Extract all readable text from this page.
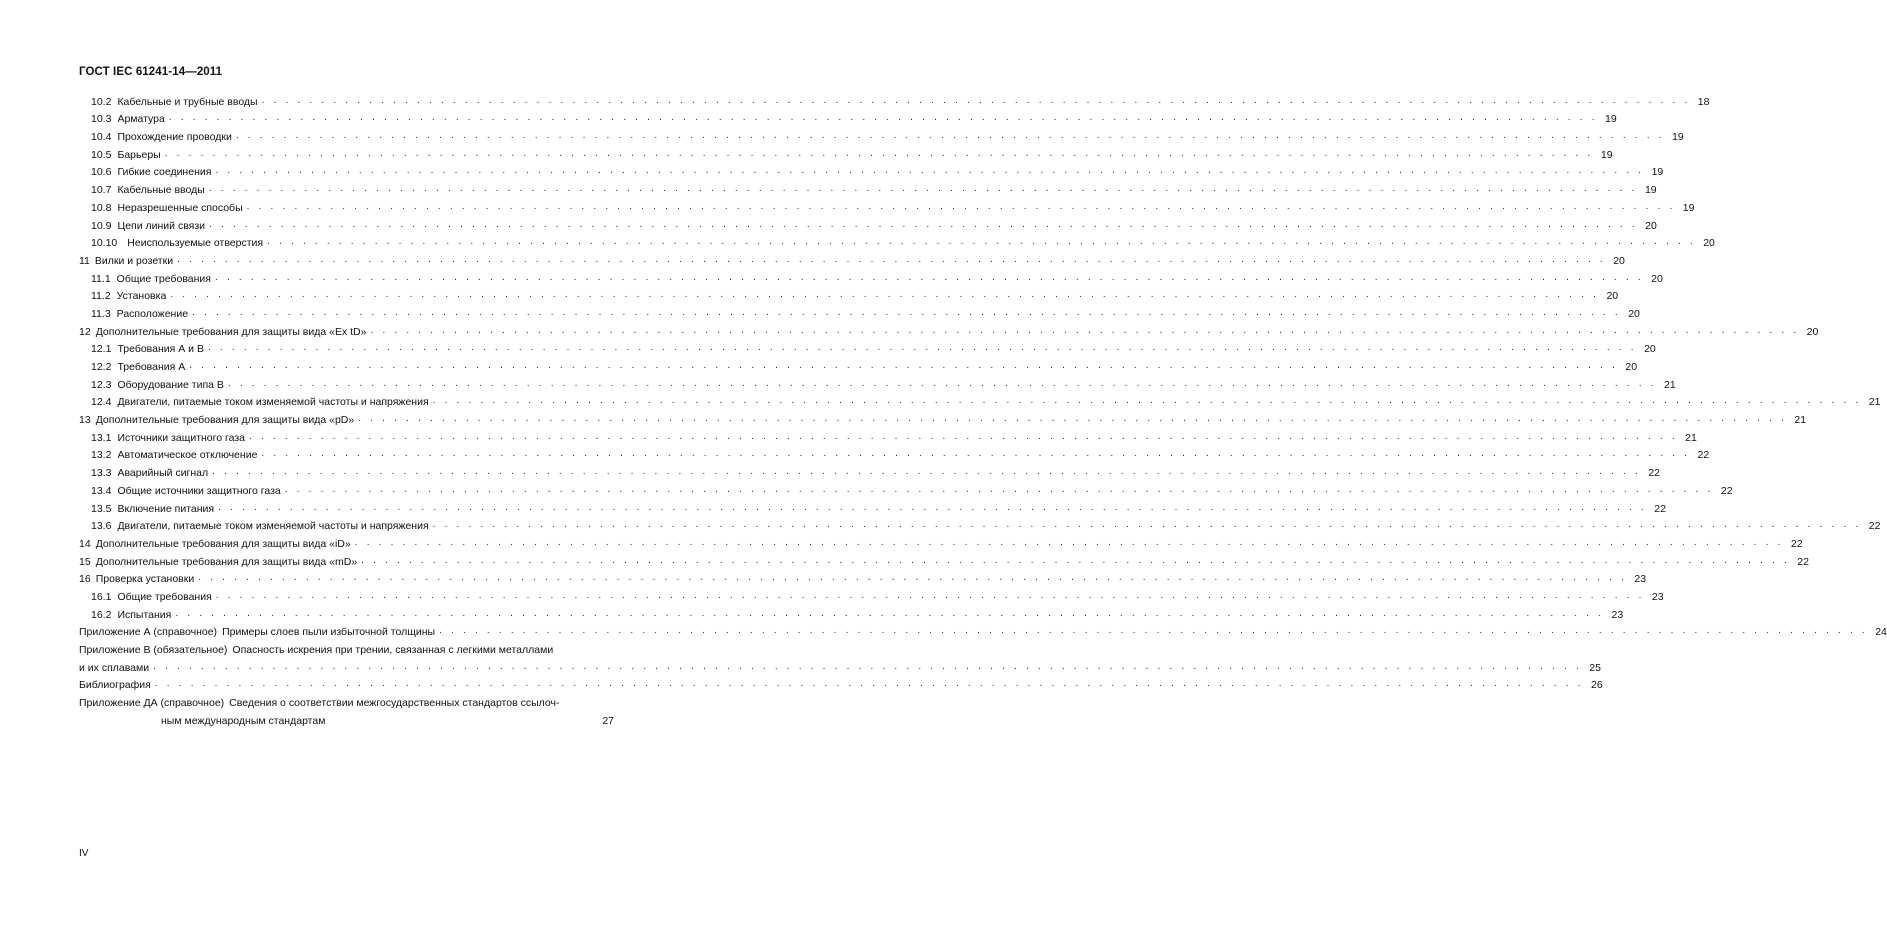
ГОСТ IEC 61241-14—2011
10.2 Кабельные и трубные вводы . . . . . . . . . . . . . . . . . . . . . . . . . . . . . . . . . . . . . . . . . . . . . . . . . . . . . . . . . . . . . . . . . . . . . . . . . . . . . . . . . . . . . . . . . . . . . . . . . . . . . . . . . . . . . . . . . . . . . . . . 18
10.3 Арматура . . . . . . . . . . . . . . . . . . . . . . . . . . . . . . . . . . . . . . . . . . . . . . . . . . . . . . . . . . . . . . . . . . . . . . . . . . . . . . . . . . . . . . . . . . . . . . . . . . . . . . . . . . . . . . . . . . . . . . . . 19
10.4 Прохождение проводки . . . . . . . . . . . . . . . . . . . . . . . . . . . . . . . . . . . . . . . . . . . . . . . . . . . . . . . . . . . . . . . . . . . . . . . . . . . . . . . . . . . . . . . . . . . . . . . . . . . . . . . . . . . . . . . . . . . . . . . . 19
10.5 Барьеры . . . . . . . . . . . . . . . . . . . . . . . . . . . . . . . . . . . . . . . . . . . . . . . . . . . . . . . . . . . . . . . . . . . . . . . . . . . . . . . . . . . . . . . . . . . . . . . . . . . . . . . . . . . . . . . . . . . . . . . . 19
10.6 Гибкие соединения . . . . . . . . . . . . . . . . . . . . . . . . . . . . . . . . . . . . . . . . . . . . . . . . . . . . . . . . . . . . . . . . . . . . . . . . . . . . . . . . . . . . . . . . . . . . . . . . . . . . . . . . . . . . . . . . . . . . . . . . 19
10.7 Кабельные вводы . . . . . . . . . . . . . . . . . . . . . . . . . . . . . . . . . . . . . . . . . . . . . . . . . . . . . . . . . . . . . . . . . . . . . . . . . . . . . . . . . . . . . . . . . . . . . . . . . . . . . . . . . . . . . . . . . . . . . . . . 19
10.8 Неразрешенные способы . . . . . . . . . . . . . . . . . . . . . . . . . . . . . . . . . . . . . . . . . . . . . . . . . . . . . . . . . . . . . . . . . . . . . . . . . . . . . . . . . . . . . . . . . . . . . . . . . . . . . . . . . . . . . . . . . . . . . . . . 19
10.9 Цепи линий связи . . . . . . . . . . . . . . . . . . . . . . . . . . . . . . . . . . . . . . . . . . . . . . . . . . . . . . . . . . . . . . . . . . . . . . . . . . . . . . . . . . . . . . . . . . . . . . . . . . . . . . . . . . . . . . . . . . . . . . . . 20
10.10 Неиспользуемые отверстия . . . . . . . . . . . . . . . . . . . . . . . . . . . . . . . . . . . . . . . . . . . . . . . . . . . . . . . . . . . . . . . . . . . . . . . . . . . . . . . . . . . . . . . . . . . . . . . . . . . . . . . . . . . . . . . . . . . . . . . . 20
11 Вилки и розетки . . . . . . . . . . . . . . . . . . . . . . . . . . . . . . . . . . . . . . . . . . . . . . . . . . . . . . . . . . . . . . . . . . . . . . . . . . . . . . . . . . . . . . . . . . . . . . . . . . . . . . . . . . . . . . . . . . . . . . . . 20
11.1 Общие требования . . . . . . . . . . . . . . . . . . . . . . . . . . . . . . . . . . . . . . . . . . . . . . . . . . . . . . . . . . . . . . . . . . . . . . . . . . . . . . . . . . . . . . . . . . . . . . . . . . . . . . . . . . . . . . . . . . . . . . . . 20
11.2 Установка . . . . . . . . . . . . . . . . . . . . . . . . . . . . . . . . . . . . . . . . . . . . . . . . . . . . . . . . . . . . . . . . . . . . . . . . . . . . . . . . . . . . . . . . . . . . . . . . . . . . . . . . . . . . . . . . . . . . . . . . 20
11.3 Расположение . . . . . . . . . . . . . . . . . . . . . . . . . . . . . . . . . . . . . . . . . . . . . . . . . . . . . . . . . . . . . . . . . . . . . . . . . . . . . . . . . . . . . . . . . . . . . . . . . . . . . . . . . . . . . . . . . . . . . . . . 20
12 Дополнительные требования для защиты вида «Ex tD» . . . . . . . . . . . . . . . . . . . . . . . . . . . . . . . . . . . . . . . . . . . . . . . . . . . . . . . . . . . . . . . . . . . . . . . . . . . . . . . . . . . . . . . . . . . . . . . . . . . . . . . . . . . . . . . . . . . . . . . . 20
12.1 Требования А и В . . . . . . . . . . . . . . . . . . . . . . . . . . . . . . . . . . . . . . . . . . . . . . . . . . . . . . . . . . . . . . . . . . . . . . . . . . . . . . . . . . . . . . . . . . . . . . . . . . . . . . . . . . . . . . . . . . . . . . . . 20
12.2 Требования А . . . . . . . . . . . . . . . . . . . . . . . . . . . . . . . . . . . . . . . . . . . . . . . . . . . . . . . . . . . . . . . . . . . . . . . . . . . . . . . . . . . . . . . . . . . . . . . . . . . . . . . . . . . . . . . . . . . . . . . . 20
12.3 Оборудование типа В . . . . . . . . . . . . . . . . . . . . . . . . . . . . . . . . . . . . . . . . . . . . . . . . . . . . . . . . . . . . . . . . . . . . . . . . . . . . . . . . . . . . . . . . . . . . . . . . . . . . . . . . . . . . . . . . . . . . . . . . 21
12.4 Двигатели, питаемые током изменяемой частоты и напряжения . . . . . . . . . . . . . . . . . . . . . . . . . . . . . . . . . . . . . . . . . . . . . . . . . . . . . . . . . . . . . . . . . . . . . . . . . . . . . . . . . . . . . . . . . . . . . . . . . . . . . . . . . . . . . . . . . . . . . . . . 21
13 Дополнительные требования для защиты вида «pD» . . . . . . . . . . . . . . . . . . . . . . . . . . . . . . . . . . . . . . . . . . . . . . . . . . . . . . . . . . . . . . . . . . . . . . . . . . . . . . . . . . . . . . . . . . . . . . . . . . . . . . . . . . . . . . . . . . . . . . . . 21
13.1 Источники защитного газа . . . . . . . . . . . . . . . . . . . . . . . . . . . . . . . . . . . . . . . . . . . . . . . . . . . . . . . . . . . . . . . . . . . . . . . . . . . . . . . . . . . . . . . . . . . . . . . . . . . . . . . . . . . . . . . . . . . . . . . . 21
13.2 Автоматическое отключение . . . . . . . . . . . . . . . . . . . . . . . . . . . . . . . . . . . . . . . . . . . . . . . . . . . . . . . . . . . . . . . . . . . . . . . . . . . . . . . . . . . . . . . . . . . . . . . . . . . . . . . . . . . . . . . . . . . . . . . . 22
13.3 Аварийный сигнал . . . . . . . . . . . . . . . . . . . . . . . . . . . . . . . . . . . . . . . . . . . . . . . . . . . . . . . . . . . . . . . . . . . . . . . . . . . . . . . . . . . . . . . . . . . . . . . . . . . . . . . . . . . . . . . . . . . . . . . . 22
13.4 Общие источники защитного газа . . . . . . . . . . . . . . . . . . . . . . . . . . . . . . . . . . . . . . . . . . . . . . . . . . . . . . . . . . . . . . . . . . . . . . . . . . . . . . . . . . . . . . . . . . . . . . . . . . . . . . . . . . . . . . . . . . . . . . . . 22
13.5 Включение питания . . . . . . . . . . . . . . . . . . . . . . . . . . . . . . . . . . . . . . . . . . . . . . . . . . . . . . . . . . . . . . . . . . . . . . . . . . . . . . . . . . . . . . . . . . . . . . . . . . . . . . . . . . . . . . . . . . . . . . . . 22
13.6 Двигатели, питаемые током изменяемой частоты и напряжения . . . . . . . . . . . . . . . . . . . . . . . . . . . . . . . . . . . . . . . . . . . . . . . . . . . . . . . . . . . . . . . . . . . . . . . . . . . . . . . . . . . . . . . . . . . . . . . . . . . . . . . . . . . . . . . . . . . . . . . . 22
14 Дополнительные требования для защиты вида «iD» . . . . . . . . . . . . . . . . . . . . . . . . . . . . . . . . . . . . . . . . . . . . . . . . . . . . . . . . . . . . . . . . . . . . . . . . . . . . . . . . . . . . . . . . . . . . . . . . . . . . . . . . . . . . . . . . . . . . . . . . 22
15 Дополнительные требования для защиты вида «mD» . . . . . . . . . . . . . . . . . . . . . . . . . . . . . . . . . . . . . . . . . . . . . . . . . . . . . . . . . . . . . . . . . . . . . . . . . . . . . . . . . . . . . . . . . . . . . . . . . . . . . . . . . . . . . . . . . . . . . . . . 22
16 Проверка установки . . . . . . . . . . . . . . . . . . . . . . . . . . . . . . . . . . . . . . . . . . . . . . . . . . . . . . . . . . . . . . . . . . . . . . . . . . . . . . . . . . . . . . . . . . . . . . . . . . . . . . . . . . . . . . . . . . . . . . . . 23
16.1 Общие требования . . . . . . . . . . . . . . . . . . . . . . . . . . . . . . . . . . . . . . . . . . . . . . . . . . . . . . . . . . . . . . . . . . . . . . . . . . . . . . . . . . . . . . . . . . . . . . . . . . . . . . . . . . . . . . . . . . . . . . . . 23
16.2 Испытания . . . . . . . . . . . . . . . . . . . . . . . . . . . . . . . . . . . . . . . . . . . . . . . . . . . . . . . . . . . . . . . . . . . . . . . . . . . . . . . . . . . . . . . . . . . . . . . . . . . . . . . . . . . . . . . . . . . . . . . . 23
Приложение А (справочное) Примеры слоев пыли избыточной толщины . . . . . . . . . . . . . . . . . . . . . . . . . . . . . . . . . . . . . . . . . . . . . . . . . . . . . . . . . . . . . . . . . . . . . . . . . . . . . . . . . . . . . . . . . . . . . . . . . . . . . . . . . . . . . . . . . . . . . . . . 24
Приложение В (обязательное) Опасность искрения при трении, связанная с легкими металлами
и их сплавами . . . . . . . . . . . . . . . . . . . . . . . . . . . . . . . . . . . . . . . . . . . . . . . . . . . . . . . . . . . . . . . . . . . . . . . . . . . . . . . . . . . . . . . . . . . . . . . . . . . . . . . . . . . . . . . . . . . . . . . . 25
Библиография . . . . . . . . . . . . . . . . . . . . . . . . . . . . . . . . . . . . . . . . . . . . . . . . . . . . . . . . . . . . . . . . . . . . . . . . . . . . . . . . . . . . . . . . . . . . . . . . . . . . . . . . . . . . . . . . . . . . . . . . 26
Приложение ДА (справочное) Сведения о соответствии межгосударственных стандартов ссылоч-
ным международным стандартам	27
IV
